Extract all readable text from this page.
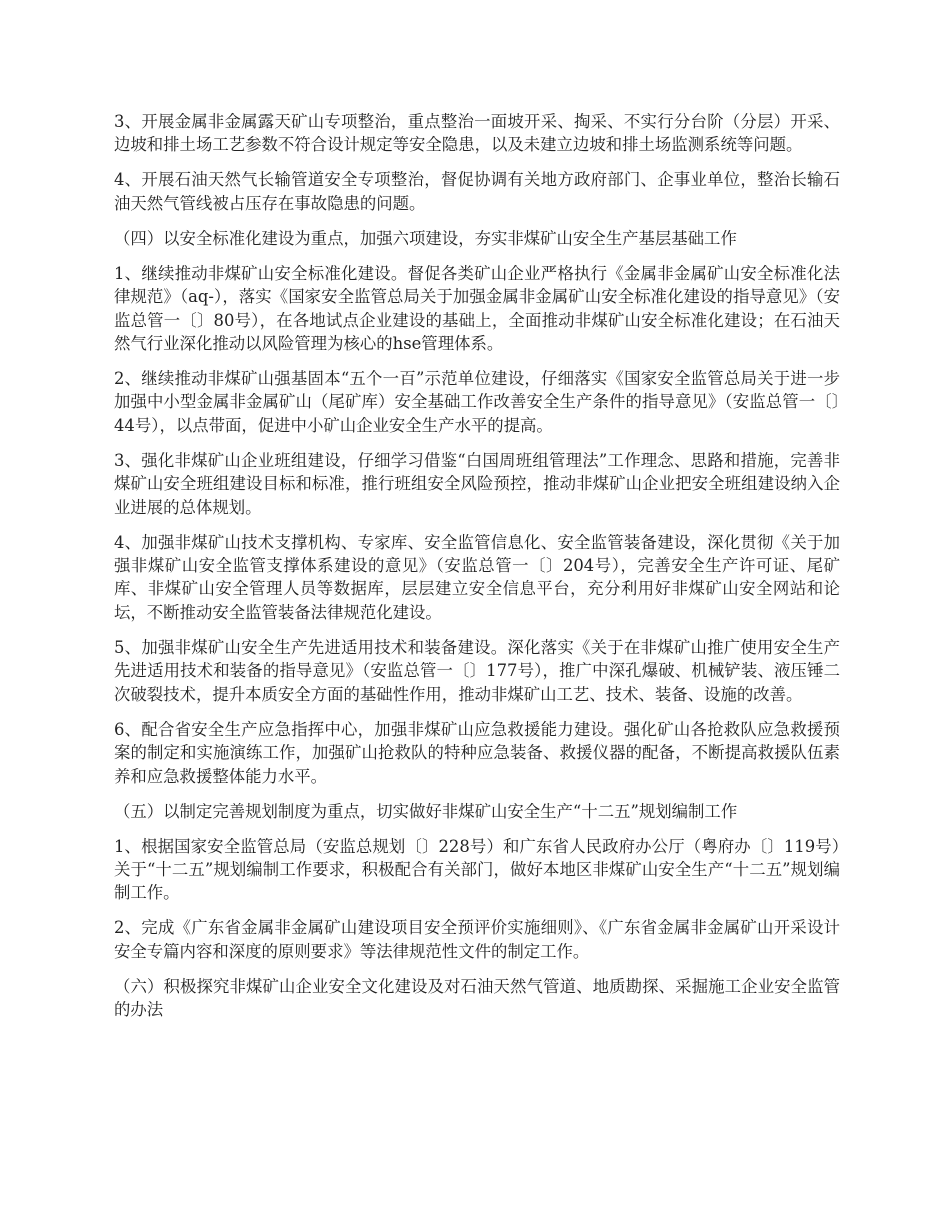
3、开展金属非金属露天矿山专项整治，重点整治一面坡开采、掏采、不实行分台阶（分层）开采、边坡和排土场工艺参数不符合设计规定等安全隐患，以及未建立边坡和排土场监测系统等问题。

4、开展石油天然气长输管道安全专项整治，督促协调有关地方政府部门、企事业单位，整治长输石油天然气管线被占压存在事故隐患的问题。

（四）以安全标准化建设为重点，加强六项建设，夯实非煤矿山安全生产基层基础工作

1、继续推动非煤矿山安全标准化建设。督促各类矿山企业严格执行《金属非金属矿山安全标准化法律规范》（aq-），落实《国家安全监管总局关于加强金属非金属矿山安全标准化建设的指导意见》（安监总管一〔〕80号），在各地试点企业建设的基础上，全面推动非煤矿山安全标准化建设；在石油天然气行业深化推动以风险管理为核心的hse管理体系。

2、继续推动非煤矿山强基固本“五个一百”示范单位建设，仔细落实《国家安全监管总局关于进一步加强中小型金属非金属矿山（尾矿库）安全基础工作改善安全生产条件的指导意见》（安监总管一〔〕44号），以点带面，促进中小矿山企业安全生产水平的提高。

3、强化非煤矿山企业班组建设，仔细学习借鉴“白国周班组管理法”工作理念、思路和措施，完善非煤矿山安全班组建设目标和标准，推行班组安全风险预控，推动非煤矿山企业把安全班组建设纳入企业进展的总体规划。

4、加强非煤矿山技术支撑机构、专家库、安全监管信息化、安全监管装备建设，深化贯彻《关于加强非煤矿山安全监管支撑体系建设的意见》（安监总管一〔〕204号），完善安全生产许可证、尾矿库、非煤矿山安全管理人员等数据库，层层建立安全信息平台，充分利用好非煤矿山安全网站和论坛，不断推动安全监管装备法律规范化建设。

5、加强非煤矿山安全生产先进适用技术和装备建设。深化落实《关于在非煤矿山推广使用安全生产先进适用技术和装备的指导意见》（安监总管一〔〕177号），推广中深孔爆破、机械铲装、液压锤二次破裂技术，提升本质安全方面的基础性作用，推动非煤矿山工艺、技术、装备、设施的改善。

6、配合省安全生产应急指挥中心，加强非煤矿山应急救援能力建设。强化矿山各抢救队应急救援预案的制定和实施演练工作，加强矿山抢救队的特种应急装备、救援仪器的配备，不断提高救援队伍素养和应急救援整体能力水平。

（五）以制定完善规划制度为重点，切实做好非煤矿山安全生产“十二五”规划编制工作

1、根据国家安全监管总局（安监总规划〔〕228号）和广东省人民政府办公厅（粤府办〔〕119号）关于“十二五”规划编制工作要求，积极配合有关部门，做好本地区非煤矿山安全生产“十二五”规划编制工作。

2、完成《广东省金属非金属矿山建设项目安全预评价实施细则》、《广东省金属非金属矿山开采设计安全专篇内容和深度的原则要求》等法律规范性文件的制定工作。

（六）积极探究非煤矿山企业安全文化建设及对石油天然气管道、地质勘探、采掘施工企业安全监管的办法
